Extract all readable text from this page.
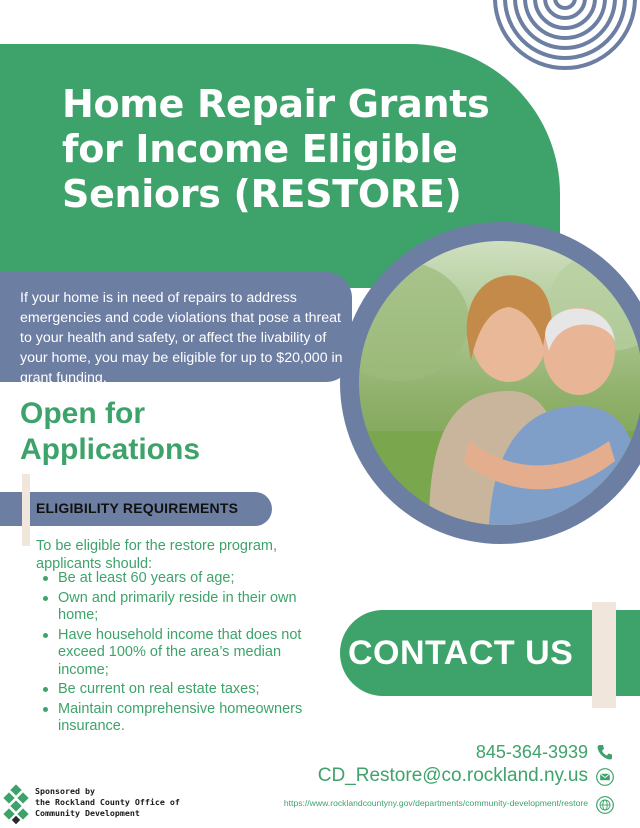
Home Repair Grants for Income Eligible Seniors (RESTORE)

If your home is in need of repairs to address emergencies and code violations that pose a threat to your health and safety, or affect the livability of your home, you may be eligible for up to $20,000 in grant funding.

Open for Applications
ELIGIBILITY REQUIREMENTS

To be eligible for the restore program, applicants should:

Be at least 60 years of age;
Own and primarily reside in their own home;
Have household income that does not exceed 100% of the area’s median income;
Be current on real estate taxes;
Maintain comprehensive homeowners insurance.
CONTACT US
845-364-3939
CD_Restore@co.rockland.ny.us
https://www.rocklandcountyny.gov/departments/community-development/restore

Sponsored by
the Rockland County Office of
Community Development
